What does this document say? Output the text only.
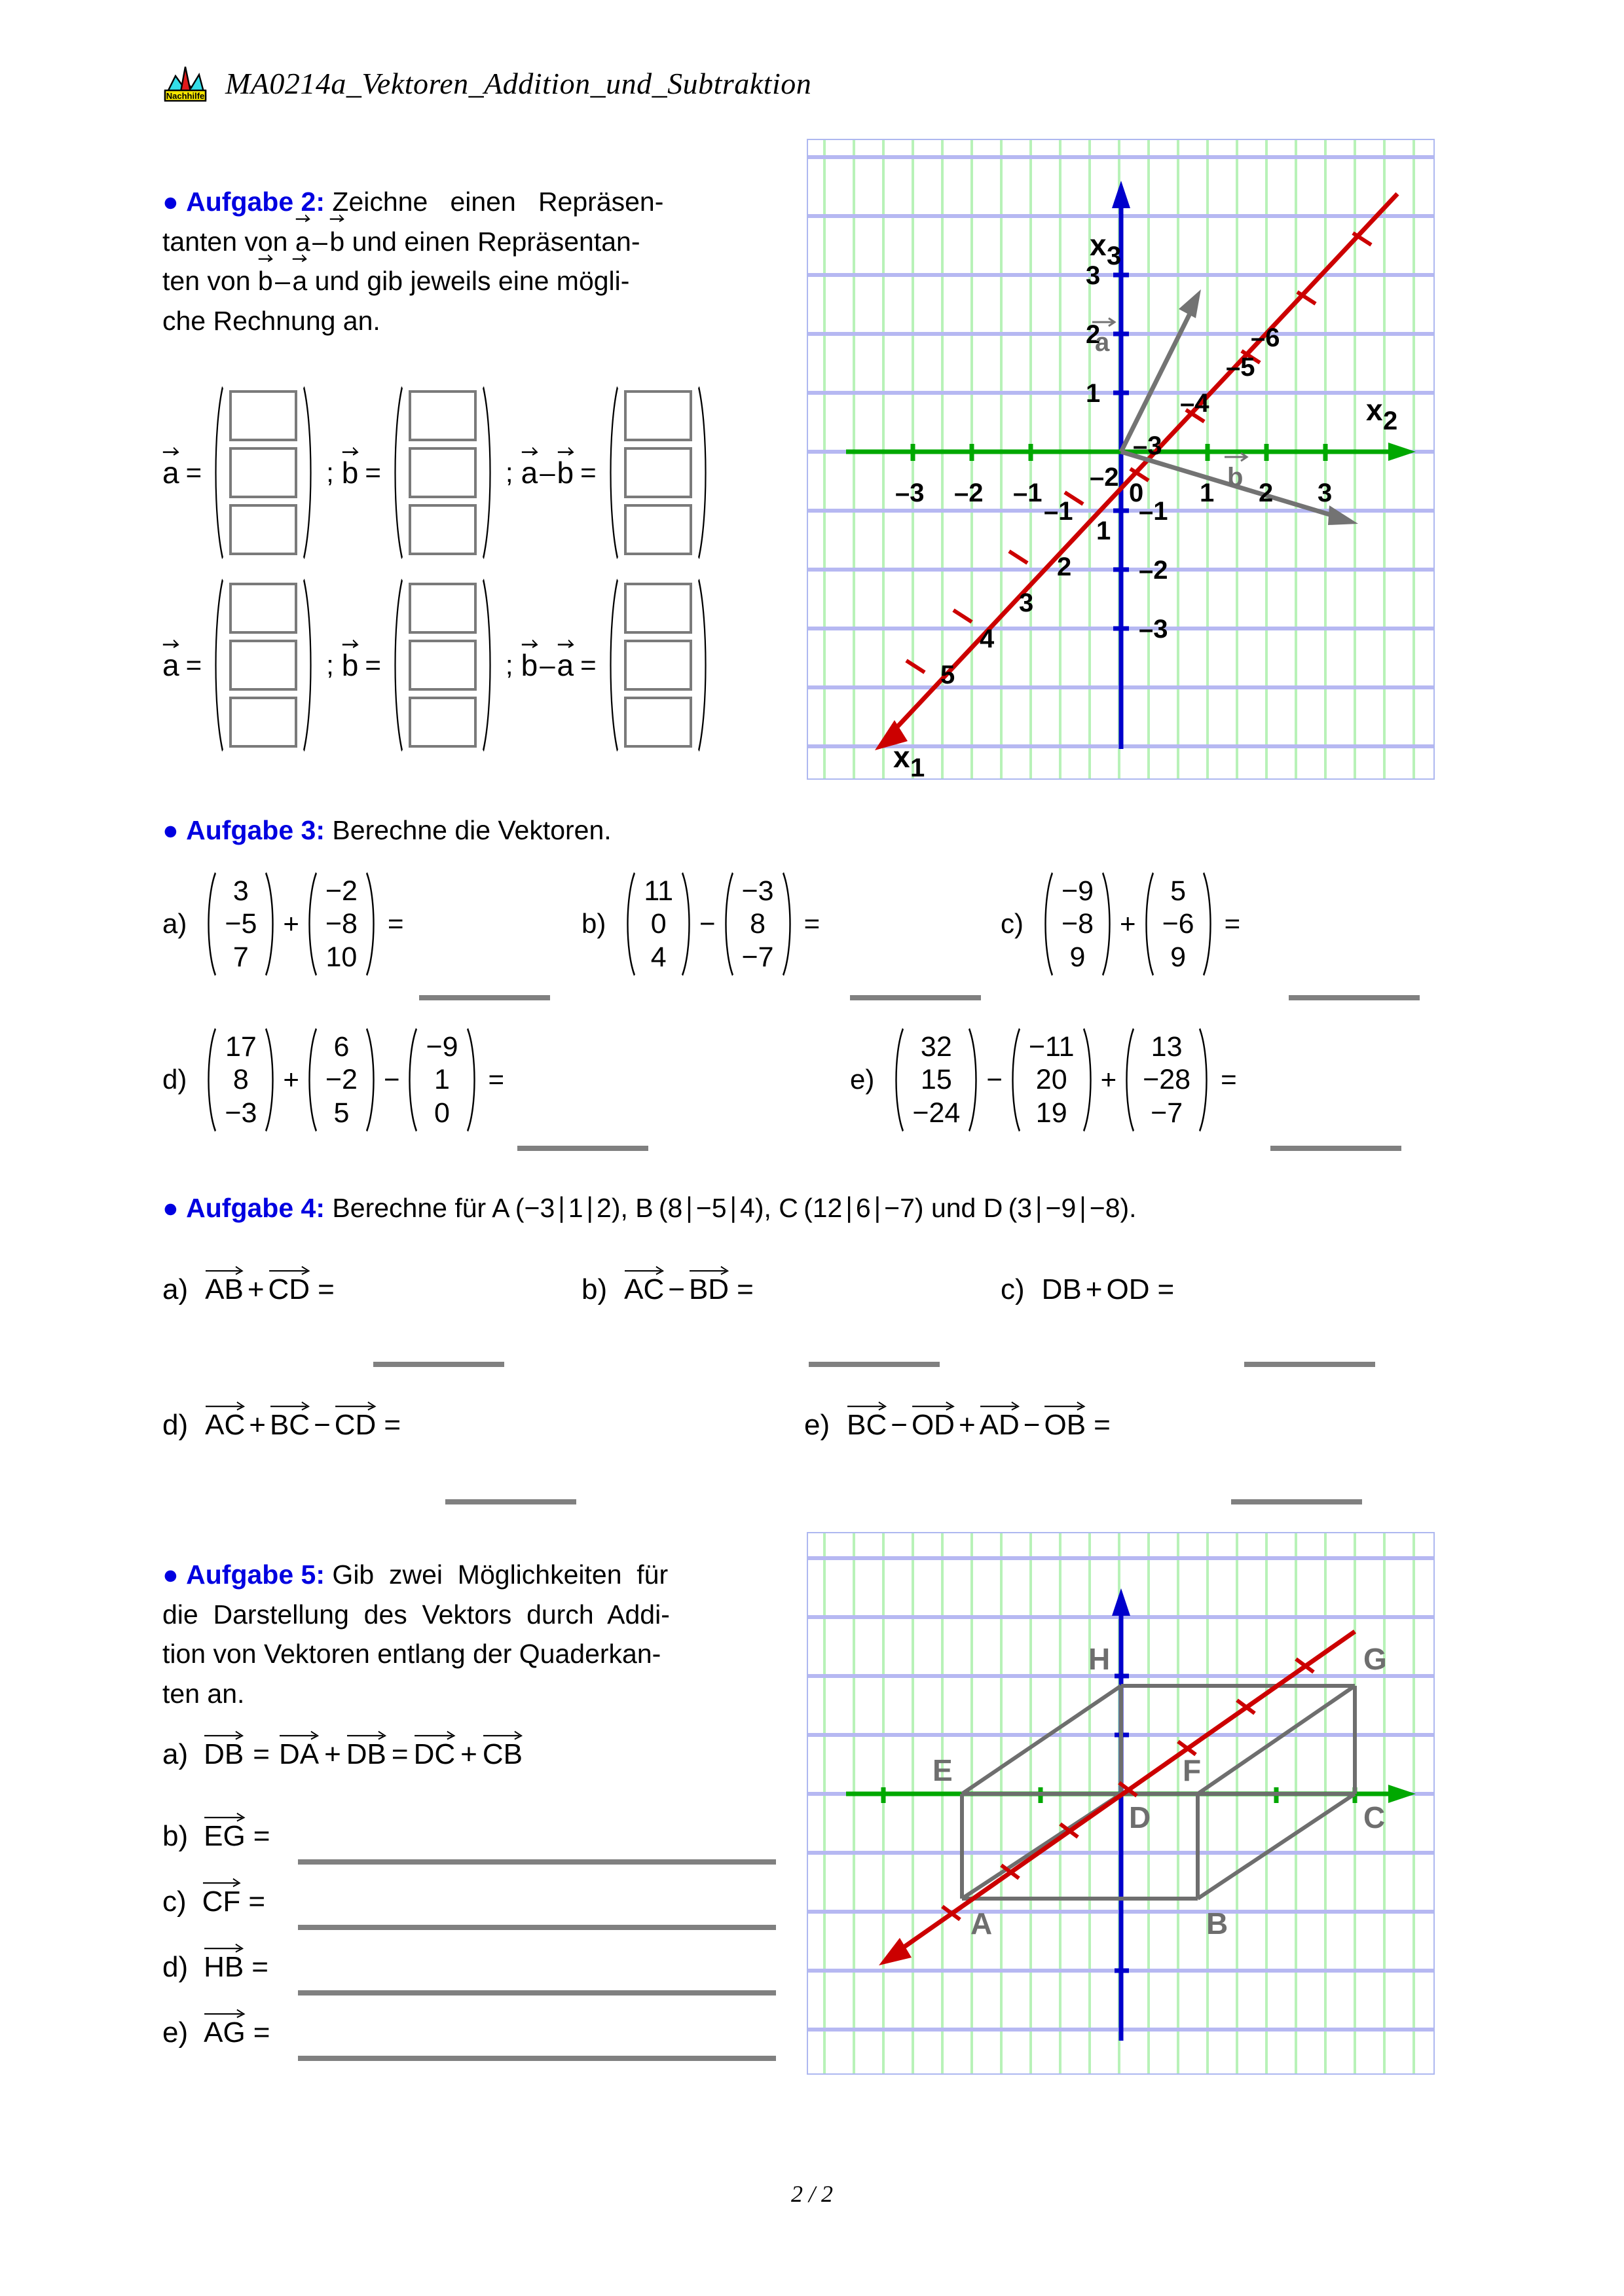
Nachhilfe MA0214a_Vektoren_Addition_und_Subtraktion
● Aufgabe 2: Zeichne   einen   Repräsen-
tanten von
a – 
b und einen Repräsentan-
ten von
b – 
a und gib jeweils eine mögli-
che Rechnung an.
a =	; b =	; a – b =
a =	; b =	; b – a =
x 3
x 2
x 1
3
2
1
–1
–2
–3
–3 –2 –1	0 1 2 3
–6
–5
–4
–3
–2
–1
1
2
3
4
5
a
b
● Aufgabe 3: Berechne die Vektoren.
a)
3
−5
7
+
−2
−8
10
=	b)
11
0
4
−
−3
8
−7
=	c)
−9
−8
9
+
5
−6
9
=
d)
17
8
−3
+
6
−2
5
−
−9
1
0
=	e)
32
15
−24
−
−11
20
19
+
13
−28
−7
=
● Aufgabe 4: Berechne für A (−3∣1∣2), B (8∣−5∣4), C (12∣6∣−7) und D (3∣−9∣−8).
a) AB + CD =	b) AC − BD =	c) DB + OD =
d) AC + BC − CD =	e) BC − OD + AD − OB =
● Aufgabe 5: Gib  zwei  Möglichkeiten  für
die  Darstellung  des  Vektors  durch  Addi-
tion von Vektoren entlang der Quaderkan-
ten an.
a) DB = DA + DB = DC + CB
b) EG =
c) CF =
d) HB =
e) AG =
H	G
E	F
D	C
A	B
2 / 2
